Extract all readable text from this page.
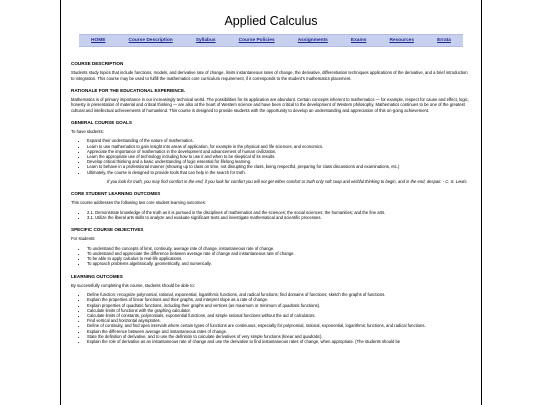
Applied Calculus
HOME	Course Description	Syllabus	Course Policies	Assignments	Exams	Resources	Errata
COURSE DESCRIPTION

Students study topics that include functions, models, and derivative rate of change, limits instantaneous rates of change, the derivative, differentiation techniques applications of the derivative, and a brief introduction to integration. This course may be used to fulfill the mathematics core curriculum requirement, if it corresponds to the student's mathematics placement.

RATIONALE FOR THE EDUCATIONAL EXPERIENCE.

Mathematics is of primary importance in our increasingly technical world. The possibilities for its application are abundant. Certain concepts inherent to mathematics — for example, respect for cause and effect, logic, honesty in presentation of material and critical thinking — are also at the heart of Western science and have been critical to the development of Western philosophy. Mathematics continues to be one of the greatest cultural and intellectual achievements of humankind. This course is designed to provide students with the opportunity to develop an understanding and appreciation of this on-going achievement.

GENERAL COURSE GOALS

To have students:

• Expand their understanding of the nature of mathematics.
• Learn to use mathematics to gain insight into areas of application, for example in the physical and life sciences, and economics.
• Appreciate the importance of mathematics in the development and advancement of human civilization.
• Learn the appropriate use of technology including how to use it and when to be skeptical of its results.
• Develop critical thinking and a basic understanding of logic essential for lifelong learning.
• Learn to behave in a professional manner (showing up to class on time, not disrupting the class, being respectful, preparing for class discussions and examinations, etc.)
• Ultimately, the course is designed to provide tools that can help in the search for truth.
If you look for truth, you may find comfort in the end; if you look for comfort you will not get either comfort or truth only soft soap and wishful thinking to begin, and in the end, despair. - C. S. Lewis.
CORE STUDENT LEARNING OUTCOMES

This course addresses the following two core student learning outcomes:

• 2.1. Demonstrate knowledge of the truth as it is pursued in the disciplines of mathematics and the sciences; the social sciences; the humanities; and the fine arts.
• 3.1. Utilize the liberal arts skills to analyze and evaluate significant texts and investigate mathematical and scientific processes.
SPECIFIC COURSE OBJECTIVES

For students:

• To understand the concepts of limit, continuity, average rate of change, instantaneous rate of change.
• To understand and appreciate the difference between average rate of change and instantaneous rate of change.
• To be able to apply calculus to real-life applications.
• To approach problems algebraically, geometrically, and numerically.
LEARNING OUTCOMES

By successfully completing this course, students should be able to:

• Define function; recognize polynomial, rational, exponential, logarithmic functions, and radical functions; find domains of functions; sketch the graphs of functions.
• Explain the properties of linear functions and their graphs, and interpret slope as a rate of change.
• Explain properties of quadratic functions, including their graphs and vertices (as maximum or minimum of quadratic functions).
• Calculate limits of functions with the graphing calculator.
• Calculate limits of constants, polynomials, exponential functions, and simple rational functions without the aid of calculators.
• Find vertical and horizontal asymptotes.
• Define of continuity, and find open intervals where certain types of functions are continuous, especially for polynomial, rational, exponential, logarithmic functions, and radical functions.
• Explain the difference between average and instantaneous rates of change.
• State the definition of derivative, and to use the definition to calculate derivatives of very simple functions (linear and quadratic).
• Explain the role of derivative as an instantaneous rate of change and use the derivative to find instantaneous rates of change, when appropriate. (The students should be
